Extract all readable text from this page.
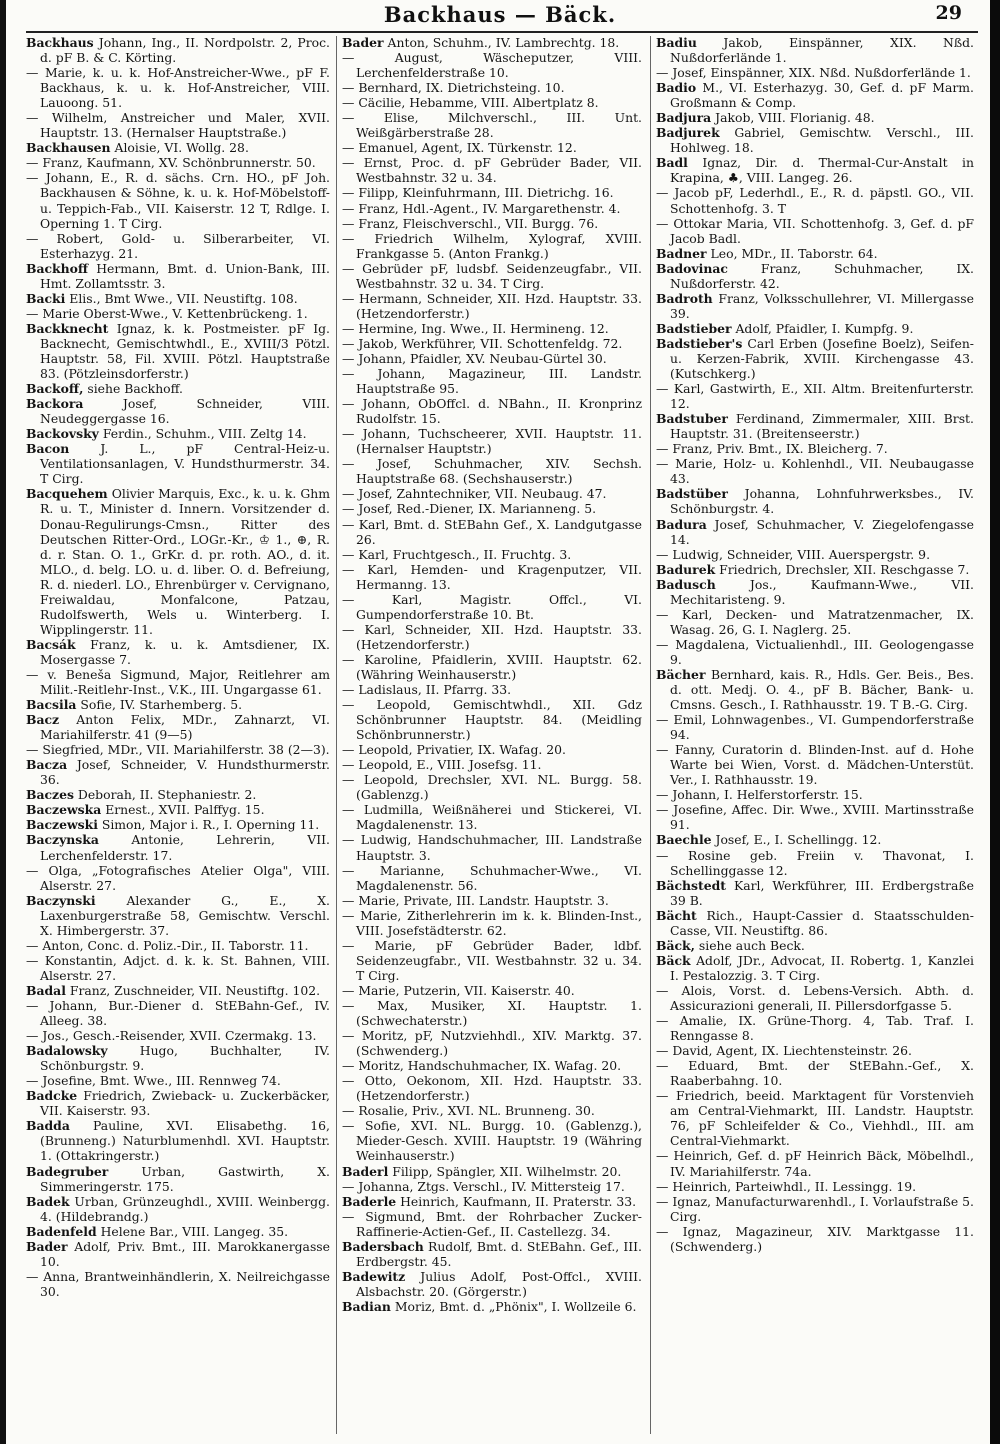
Backhaus — Bäck.	29

Backhaus Johann, Ing., II. Nordpolstr. 2, Proc. d. pF B. & C. Körting.

— Marie, k. u. k. Hof-Anstreicher-Wwe., pF F. Backhaus, k. u. k. Hof-Anstreicher, VIII. Lauoong. 51.

— Wilhelm, Anstreicher und Maler, XVII. Hauptstr. 13. (Hernalser Hauptstraße.)

Backhausen Aloisie, VI. Wollg. 28.

— Franz, Kaufmann, XV. Schönbrunnerstr. 50.

— Johann, E., R. d. sächs. Crn. HO., pF Joh. Backhausen & Söhne, k. u. k. Hof-Möbelstoff- u. Teppich-Fab., VII. Kaiserstr. 12 T, Rdlge. I. Operning 1. T Cirg.

— Robert, Gold- u. Silberarbeiter, VI. Esterhazyg. 21.

Backhoff Hermann, Bmt. d. Union-Bank, III. Hmt. Zollamtsstr. 3.

Backi Elis., Bmt Wwe., VII. Neustiftg. 108.

— Marie Oberst-Wwe., V. Kettenbrückeng. 1.

Backknecht Ignaz, k. k. Postmeister. pF Ig. Backnecht, Gemischtwhdl., E., XVIII/3 Pötzl. Hauptstr. 58, Fil. XVIII. Pötzl. Hauptstraße 83. (Pötzleinsdorferstr.)

Backoff, siehe Backhoff.

Backora	Josef, Schneider, VIII. Neudeggergasse 16.

Backovsky Ferdin., Schuhm., VIII. Zeltg 14.

Bacon	J. L., pF Central-Heiz-u. Ventilationsanlagen, V. Hundsthurmerstr. 34. T Cirg.

Bacquehem Olivier Marquis, Exc., k. u. k. Ghm R. u. T., Minister d. Innern. Vorsitzender d. Donau-Regulirungs-Cmsn., Ritter des Deutschen Ritter-Ord., LOGr.-Kr., ♔ 1., ⊕, R. d. r. Stan. O. 1., GrKr. d. pr. roth. AO., d. it. MLO., d. belg. LO. u. d. liber. O. d. Befreiung, R. d. niederl. LO., Ehrenbürger v. Cervignano, Freiwaldau, Monfalcone, Patzau, Rudolfswerth, Wels u. Winterberg. I. Wipplingerstr. 11.

Bacsák Franz, k. u. k. Amtsdiener, IX. Mosergasse 7.

— v. Beneša Sigmund, Major, Reitlehrer am Milit.-Reitlehr-Inst., V.K., III. Ungargasse 61.

Bacsila Sofie, IV. Starhemberg. 5.

Bacz Anton Felix, MDr., Zahnarzt, VI. Mariahilferstr. 41 (9—5)

— Siegfried, MDr., VII. Mariahilferstr. 38 (2—3).

Bacza Josef, Schneider, V. Hundsthurmerstr. 36.

Baczes Deborah, II. Stephaniestr. 2.

Baczewska Ernest., XVII. Palffyg. 15.

Baczewski Simon, Major i. R., I. Operning 11.

Baczynska	Antonie, Lehrerin, VII. Lerchenfelderstr. 17.

— Olga, „Fotografisches Atelier Olga", VIII. Alserstr. 27.

Baczynski Alexander G., E., X. Laxenburgerstraße 58, Gemischtw. Verschl. X. Himbergerstr. 37.

— Anton, Conc. d. Poliz.-Dir., II. Taborstr. 11.

— Konstantin, Adjct. d. k. k. St. Bahnen, VIII. Alserstr. 27.

Badal Franz, Zuschneider, VII. Neustiftg. 102.

— Johann, Bur.-Diener d. StEBahn-Gef., IV. Alleeg. 38.

— Jos., Gesch.-Reisender, XVII. Czermakg. 13.

Badalowsky	Hugo, Buchhalter, IV. Schönburgstr. 9.

— Josefine, Bmt. Wwe., III. Rennweg 74.

Badcke Friedrich, Zwieback- u. Zuckerbäcker, VII. Kaiserstr. 93.

Badda Pauline, XVI. Elisabethg. 16, (Brunneng.) Naturblumenhdl. XVI. Hauptstr. 1. (Ottakringerstr.)

Badegruber	Urban, Gastwirth, X. Simmeringerstr. 175.

Badek Urban, Grünzeughdl., XVIII. Weinbergg. 4. (Hildebrandg.)

Badenfeld Helene Bar., VIII. Langeg. 35.

Bader Adolf, Priv. Bmt., III. Marokkanergasse 10.

— Anna, Brantweinhändlerin, X. Neilreichgasse 30.

Bader Anton, Schuhm., IV. Lambrechtg. 18.

— August, Wäscheputzer, VIII. Lerchenfelderstraße 10.

— Bernhard, IX. Dietrichsteing. 10.

— Cäcilie, Hebamme, VIII. Albertplatz 8.

— Elise, Milchverschl., III. Unt. Weißgärberstraße 28.

— Emanuel, Agent, IX. Türkenstr. 12.

— Ernst, Proc. d. pF Gebrüder Bader, VII. Westbahnstr. 32 u. 34.

— Filipp, Kleinfuhrmann, III. Dietrichg. 16.

— Franz, Hdl.-Agent., IV. Margarethenstr. 4.

— Franz, Fleischverschl., VII. Burgg. 76.

— Friedrich Wilhelm, Xylograf, XVIII. Frankgasse 5. (Anton Frankg.)

— Gebrüder pF, ludsbf. Seidenzeugfabr., VII. Westbahnstr. 32 u. 34. T Cirg.

— Hermann, Schneider, XII. Hzd. Hauptstr. 33. (Hetzendorferstr.)

— Hermine, Ing. Wwe., II. Hermineng. 12.

— Jakob, Werkführer, VII. Schottenfeldg. 72.

— Johann, Pfaidler, XV. Neubau-Gürtel 30.

— Johann, Magazineur, III. Landstr. Hauptstraße 95.

— Johann, ObOffcl. d. NBahn., II. Kronprinz Rudolfstr. 15.

— Johann, Tuchscheerer, XVII. Hauptstr. 11. (Hernalser Hauptstr.)

— Josef, Schuhmacher, XIV. Sechsh. Hauptstraße 68. (Sechshauserstr.)

— Josef, Zahntechniker, VII. Neubaug. 47.

— Josef, Red.-Diener, IX. Marianneng. 5.

— Karl, Bmt. d. StEBahn Gef., X. Landgutgasse 26.

— Karl, Fruchtgesch., II. Fruchtg. 3.

— Karl, Hemden- und Kragenputzer, VII. Hermanng. 13.

— Karl, Magistr. Offcl., VI. Gumpendorferstraße 10. Bt.

— Karl, Schneider, XII. Hzd. Hauptstr. 33. (Hetzendorferstr.)

— Karoline, Pfaidlerin, XVIII. Hauptstr. 62. (Währing Weinhauserstr.)

— Ladislaus, II. Pfarrg. 33.

— Leopold, Gemischtwhdl., XII. Gdz Schönbrunner Hauptstr. 84. (Meidling Schönbrunnerstr.)

— Leopold, Privatier, IX. Wafag. 20.

— Leopold, E., VIII. Josefsg. 11.

— Leopold, Drechsler, XVI. NL. Burgg. 58. (Gablenzg.)

— Ludmilla, Weißnäherei und Stickerei, VI. Magdalenenstr. 13.

— Ludwig, Handschuhmacher, III. Landstraße Hauptstr. 3.

— Marianne, Schuhmacher-Wwe., VI. Magdalenenstr. 56.

— Marie, Private, III. Landstr. Hauptstr. 3.

— Marie, Zitherlehrerin im k. k. Blinden-Inst., VIII. Josefstädterstr. 62.

— Marie, pF Gebrüder Bader, ldbf. Seidenzeugfabr., VII. Westbahnstr. 32 u. 34. T Cirg.

— Marie, Putzerin, VII. Kaiserstr. 40.

— Max, Musiker, XI. Hauptstr. 1. (Schwechaterstr.)

— Moritz, pF, Nutzviehhdl., XIV. Marktg. 37. (Schwenderg.)

— Moritz, Handschuhmacher, IX. Wafag. 20.

— Otto, Oekonom, XII. Hzd. Hauptstr. 33. (Hetzendorferstr.)

— Rosalie, Priv., XVI. NL. Brunneng. 30.

— Sofie, XVI. NL. Burgg. 10. (Gablenzg.), Mieder-Gesch. XVIII. Hauptstr. 19 (Währing Weinhauserstr.)

Baderl Filipp, Spängler, XII. Wilhelmstr. 20.

— Johanna, Ztgs. Verschl., IV. Mittersteig 17.

Baderle Heinrich, Kaufmann, II. Praterstr. 33.

— Sigmund, Bmt. der Rohrbacher Zucker-Raffinerie-Actien-Gef., II. Castellezg. 34.

Badersbach Rudolf, Bmt. d. StEBahn. Gef., III. Erdbergstr. 45.

Badewitz Julius Adolf, Post-Offcl., XVIII. Alsbachstr. 20. (Görgerstr.)

Badian Moriz, Bmt. d. „Phönix", I. Wollzeile 6.

Badiu Jakob, Einspänner, XIX. Nßd. Nußdorferlände 1.

— Josef, Einspänner, XIX. Nßd. Nußdorferlände 1.

Badio M., VI. Esterhazyg. 30, Gef. d. pF Marm. Großmann & Comp.

Badjura Jakob, VIII. Florianig. 48.

Badjurek Gabriel, Gemischtw. Verschl., III. Hohlweg. 18.

Badl Ignaz, Dir. d. Thermal-Cur-Anstalt in Krapina, ♣, VIII. Langeg. 26.

— Jacob pF, Lederhdl., E., R. d. päpstl. GO., VII. Schottenhofg. 3. T

— Ottokar Maria, VII. Schottenhofg. 3, Gef. d. pF Jacob Badl.

Badner Leo, MDr., II. Taborstr. 64.

Badovinac	Franz, Schuhmacher, IX. Nußdorferstr. 42.

Badroth Franz, Volksschullehrer, VI. Millergasse 39.

Badstieber Adolf, Pfaidler, I. Kumpfg. 9.

Badstieber's Carl Erben (Josefine Boelz), Seifen- u. Kerzen-Fabrik, XVIII. Kirchengasse 43. (Kutschkerg.)

— Karl, Gastwirth, E., XII. Altm. Breitenfurterstr. 12.

Badstuber Ferdinand, Zimmermaler, XIII. Brst. Hauptstr. 31. (Breitenseerstr.)

— Franz, Priv. Bmt., IX. Bleicherg. 7.

— Marie, Holz- u. Kohlenhdl., VII. Neubaugasse 43.

Badstüber Johanna, Lohnfuhrwerksbes., IV. Schönburgstr. 4.

Badura Josef, Schuhmacher, V. Ziegelofengasse 14.

— Ludwig, Schneider, VIII. Auerspergstr. 9.

Badurek Friedrich, Drechsler, XII. Reschgasse 7.

Badusch	Jos., Kaufmann-Wwe., VII. Mechitaristeng. 9.

— Karl, Decken- und Matratzenmacher, IX. Wasag. 26, G. I. Naglerg. 25.

— Magdalena, Victualienhdl., III. Geologengasse 9.

Bächer Bernhard, kais. R., Hdls. Ger. Beis., Bes. d. ott. Medj. O. 4., pF B. Bächer, Bank- u. Cmsns. Gesch., I. Rathhausstr. 19. T B.-G. Cirg.

— Emil, Lohnwagenbes., VI. Gumpendorferstraße 94.

— Fanny, Curatorin d. Blinden-Inst. auf d. Hohe Warte bei Wien, Vorst. d. Mädchen-Unterstüt. Ver., I. Rathhausstr. 19.

— Johann, I. Helferstorferstr. 15.

— Josefine, Affec. Dir. Wwe., XVIII. Martinsstraße 91.

Baechle Josef, E., I. Schellingg. 12.

— Rosine geb. Freiin v. Thavonat, I. Schellinggasse 12.

Bächstedt Karl, Werkführer, III. Erdbergstraße 39 B.

Bächt Rich., Haupt-Cassier d. Staatsschulden-Casse, VII. Neustiftg. 86.

Bäck, siehe auch Beck.

Bäck Adolf, JDr., Advocat, II. Robertg. 1, Kanzlei I. Pestalozzig. 3. T Cirg.

— Alois, Vorst. d. Lebens-Versich. Abth. d. Assicurazioni generali, II. Pillersdorfgasse 5.

— Amalie, IX. Grüne-Thorg. 4, Tab. Traf. I. Renngasse 8.

— David, Agent, IX. Liechtensteinstr. 26.

— Eduard, Bmt. der StEBahn.-Gef., X. Raaberbahng. 10.

— Friedrich, beeid. Marktagent für Vorstenvieh am Central-Viehmarkt, III. Landstr. Hauptstr. 76, pF Schleifelder & Co., Viehhdl., III. am Central-Viehmarkt.

— Heinrich, Gef. d. pF Heinrich Bäck, Möbelhdl., IV. Mariahilferstr. 74a.

— Heinrich, Parteiwhdl., II. Lessingg. 19.

— Ignaz, Manufacturwarenhdl., I. Vorlaufstraße 5. Cirg.

— Ignaz, Magazineur, XIV. Marktgasse 11. (Schwenderg.)
